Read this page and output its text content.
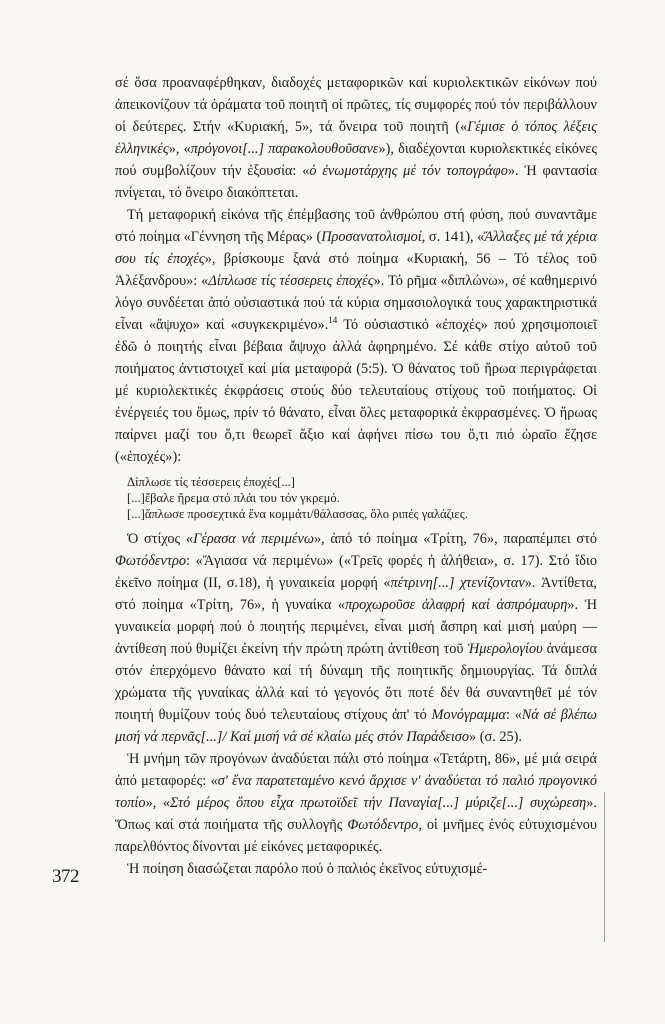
σέ ὅσα προαναφέρθηκαν, διαδοχές μεταφορικῶν καί κυριολεκτικῶν εἰκόνων πού ἀπεικονίζουν τά ὁράματα τοῦ ποιητῆ οἱ πρῶτες, τίς συμφορές πού τόν περιβάλλουν οἱ δεύτερες. Στήν «Κυριακή, 5», τά ὄνειρα τοῦ ποιητῆ («Γέμισε ὁ τόπος λέξεις ἑλληνικές», «πρόγονοι[...] παρακολουθοῦσανε»), διαδέχονται κυριολεκτικές εἰκόνες πού συμβολίζουν τήν ἐξουσία: «ὁ ἐνωμοτάρχης μέ τόν τοπογράφο». Ἡ φαντασία πνίγεται, τό ὄνειρο διακόπτεται.

Τή μεταφορική εἰκόνα τῆς ἐπέμβασης τοῦ ἀνθρώπου στή φύση, πού συναντᾶμε στό ποίημα «Γέννηση τῆς Μέρας» (Προσανατολισμοί, σ. 141), «Ἄλλαξες μέ τά χέρια σου τίς ἐποχές», βρίσκουμε ξανά στό ποίημα «Κυριακή, 56 – Τό τέλος τοῦ Ἀλέξανδρου»: «Δίπλωσε τίς τέσσερεις ἐποχές». Τό ρῆμα «διπλώνω», σέ καθημερινό λόγο συνδέεται ἀπό οὐσιαστικά πού τά κύρια σημασιολογικά τους χαρακτηριστικά εἶναι «ἄψυχο» καί «συγκεκριμένο».$^{14}$ Τό οὐσιαστικό «ἐποχές» πού χρησιμοποιεῖ ἐδῶ ὁ ποιητής εἶναι βέβαια ἄψυχο ἀλλά ἀφηρημένο. Σέ κάθε στίχο αὐτοῦ τοῦ ποιήματος ἀντιστοιχεῖ καί μία μεταφορά (5:5). Ὁ θάνατος τοῦ ἥρωα περιγράφεται μέ κυριολεκτικές ἐκφράσεις στούς δύο τελευταίους στίχους τοῦ ποιήματος. Οἱ ἐνέργειές του ὅμως, πρίν τό θάνατο, εἶναι ὅλες μεταφορικά ἐκφρασμένες. Ὁ ἥρωας παίρνει μαζί του ὅ,τι θεωρεῖ ἄξιο καί ἀφήνει πίσω του ὅ,τι πιό ὡραῖο ἔζησε («ἐποχές»):

Δίπλωσε τίς τέσσερεις ἐποχές[...]
[...]ἔβαλε ἤρεμα στό πλάι του τόν γκρεμό.
[...]ἅπλωσε προσεχτικά ἕνα κομμάτι/θάλασσας, ὅλο ριπές γαλάζιες.

Ὁ στίχος «Γέρασα νά περιμένω», ἀπό τό ποίημα «Τρίτη, 76», παραπέμπει στό Φωτόδεντρο: «Ἄγιασα νά περιμένω» («Τρεῖς φορές ἡ ἀλήθεια», σ. 17). Στό ἴδιο ἐκεῖνο ποίημα (ΙΙ, σ.18), ἡ γυναικεία μορφή «πέτρινη[...] χτενίζονταν». Ἀντίθετα, στό ποίημα «Τρίτη, 76», ἡ γυναίκα «προχωροῦσε ἀλαφρή καί ἀσπρόμαυρη». Ἡ γυναικεία μορφή πού ὁ ποιητής περιμένει, εἶναι μισή ἄσπρη καί μισή μαύρη —ἀντίθεση πού θυμίζει ἐκείνη τήν πρώτη πρώτη ἀντίθεση τοῦ Ἡμερολογίου ἀνάμεσα στόν ἐπερχόμενο θάνατο καί τή δύναμη τῆς ποιητικῆς δημιουργίας. Τά διπλά χρώματα τῆς γυναίκας ἀλλά καί τό γεγονός ὅτι ποτέ δέν θά συναντηθεῖ μέ τόν ποιητή θυμίζουν τούς δυό τελευταίους στίχους ἀπ' τό Μονόγραμμα: «Νά σέ βλέπω μισή νά περνᾶς[...]/ Καί μισή νά σέ κλαίω μές στόν Παράδεισο» (σ. 25).

Ἡ μνήμη τῶν προγόνων ἀναδύεται πάλι στό ποίημα «Τετάρτη, 86», μέ μιά σειρά ἀπό μεταφορές: «σ' ἕνα παρατεταμένο κενό ἄρχισε ν' ἀναδύεται τό παλιό προγονικό τοπίο», «Στό μέρος ὅπου εἶχα πρωτοϊδεῖ τήν Παναγία[...] μύριζε[...] συχώρεση». Ὅπως καί στά ποιήματα τῆς συλλογῆς Φωτόδεντρο, οἱ μνῆμες ἑνός εὐτυχισμένου παρελθόντος δίνονται μέ εἰκόνες μεταφορικές.

Ἡ ποίηση διασώζεται παρόλο πού ὁ παλιός ἐκεῖνος εὐτυχισμέ-

372
